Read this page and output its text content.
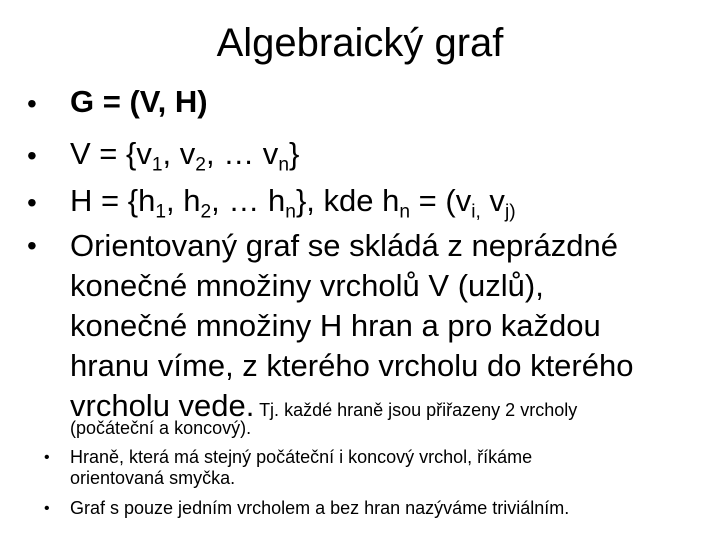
Algebraický graf
• G = (V, H)
• $V = \{v_1$, $v_2$, … $v_n$}
• $H = \{h_1$, $h_2$, … $h_n$}, kde $h_n = (v_{i,}$ $v_{j)}$
• Orientovaný graf se skládá z neprázdné
konečné množiny vrcholů V (uzlů),
konečné množiny H hran a pro každou
hranu víme, z kterého vrcholu do kterého
vrcholu vede. Tj. každé hraně jsou přiřazeny 2 vrcholy
(počáteční a koncový).
• Hraně, která má stejný počáteční i koncový vrchol, říkáme
orientovaná smyčka.
• Graf s pouze jedním vrcholem a bez hran nazýváme triviálním.
